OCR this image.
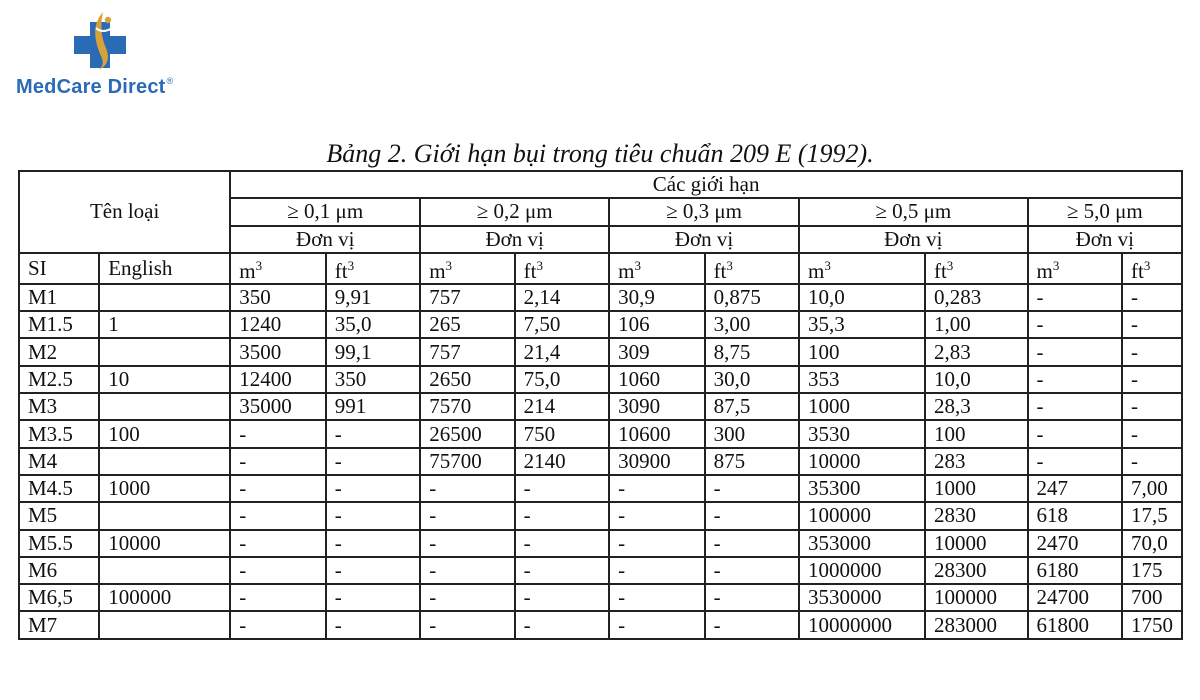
MedCare Direct®
Bảng 2. Giới hạn bụi trong tiêu chuẩn 209 E (1992).
Tên loại		Các giới hạn									
		≥ 0,1 μm		≥ 0,2 μm		≥ 0,3 μm		≥ 0,5 μm		≥ 5,0 μm	
		Đơn vị		Đơn vị		Đơn vị		Đơn vị		Đơn vị	
SI	English	$m^3$	$ft^3$	$m^3$	$ft^3$	$m^3$	$ft^3$	$m^3$	$ft^3$	$m^3$	$ft^3$
M1		350	9,91	757	2,14	30,9	0,875	10,0	0,283	-	-
M1.5	1	1240	35,0	265	7,50	106	3,00	35,3	1,00	-	-
M2		3500	99,1	757	21,4	309	8,75	100	2,83	-	-
M2.5	10	12400	350	2650	75,0	1060	30,0	353	10,0	-	-
M3		35000	991	7570	214	3090	87,5	1000	28,3	-	-
M3.5	100	-	-	26500	750	10600	300	3530	100	-	-
M4		-	-	75700	2140	30900	875	10000	283	-	-
M4.5	1000	-	-	-	-	-	-	35300	1000	247	7,00
M5		-	-	-	-	-	-	100000	2830	618	17,5
M5.5	10000	-	-	-	-	-	-	353000	10000	2470	70,0
M6		-	-	-	-	-	-	1000000	28300	6180	175
M6,5	100000	-	-	-	-	-	-	3530000	100000	24700	700
M7		-	-	-	-	-	-	10000000	283000	61800	1750
